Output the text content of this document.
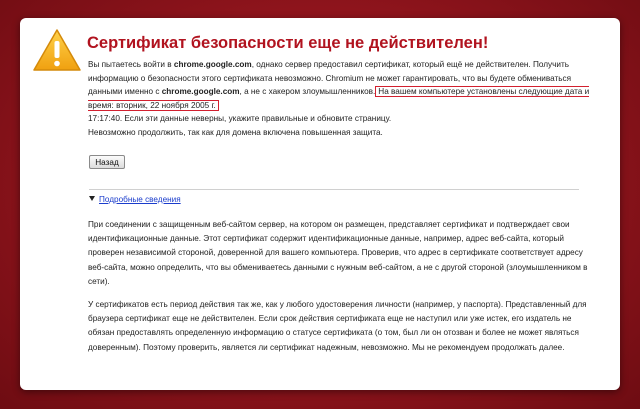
Сертификат безопасности еще не действителен!
Вы пытаетесь войти в chrome.google.com, однако сервер предоставил сертификат, который ещё не действителен. Получить информацию о безопасности этого сертификата невозможно. Chromium не может гарантировать, что вы будете обмениваться данными именно с chrome.google.com, а не с хакером злоумышленников. На вашем компьютере установлены следующие дата и время: вторник, 22 ноября 2005 г.
17:17:40. Если эти данные неверны, укажите правильные и обновите страницу.
Невозможно продолжить, так как для домена включена повышенная защита.
Назад
Подробные сведения
При соединении с защищенным веб-сайтом сервер, на котором он размещен, представляет сертификат и подтверждает свои идентификационные данные. Этот сертификат содержит идентификационные данные, например, адрес веб-сайта, который проверен независимой стороной, доверенной для вашего компьютера. Проверив, что адрес в сертификате соответствует адресу веб-сайта, можно определить, что вы обмениваетесь данными с нужным веб-сайтом, а не с другой стороной (злоумышленником в сети).
У сертификатов есть период действия так же, как у любого удостоверения личности (например, у паспорта). Представленный для браузера сертификат еще не действителен. Если срок действия сертификата еще не наступил или уже истек, его издатель не обязан предоставлять определенную информацию о статусе сертификата (о том, был ли он отозван и более не может являться доверенным). Поэтому проверить, является ли сертификат надежным, невозможно. Мы не рекомендуем продолжать далее.
